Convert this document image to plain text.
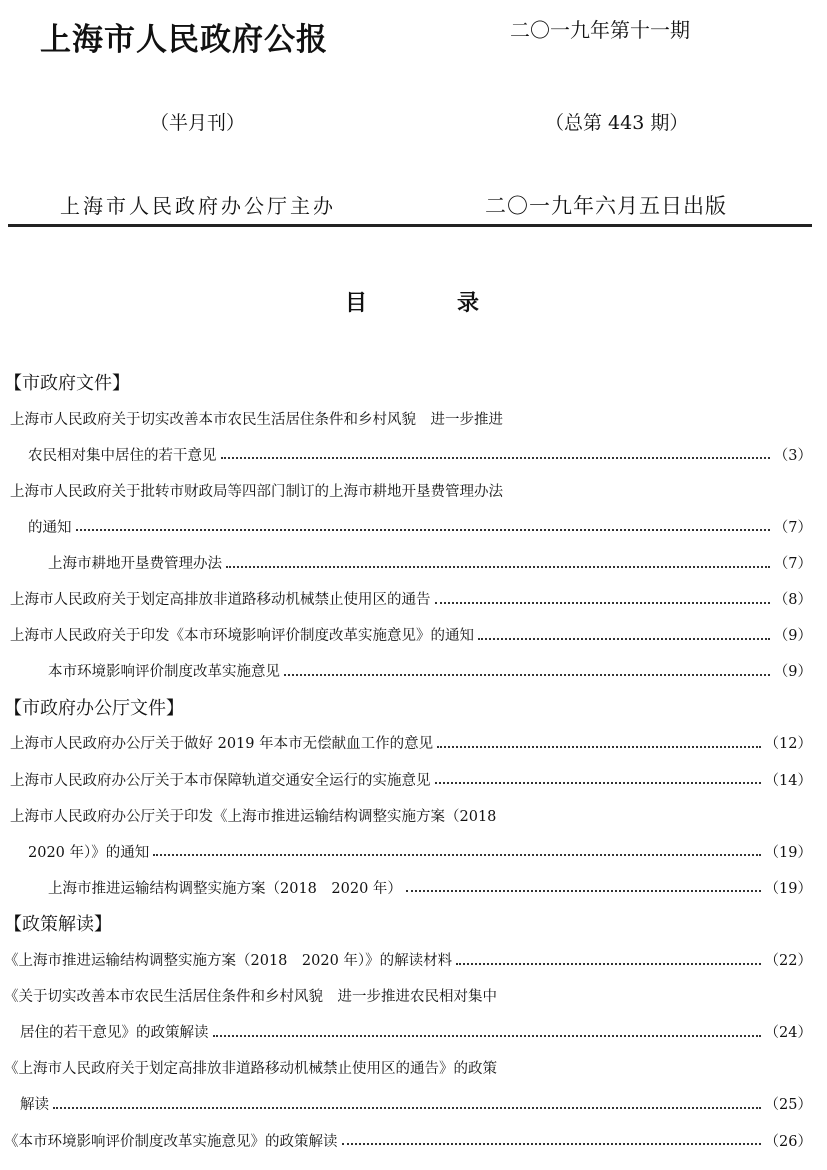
上海市人民政府公报	二〇一九年第十一期
（半月刊）	（总第 443 期）
上海市人民政府办公厅主办	二〇一九年六月五日出版
目录
【市政府文件】
上海市人民政府关于切实改善本市农民生活居住条件和乡村风貌　进一步推进
农民相对集中居住的若干意见	（3）
上海市人民政府关于批转市财政局等四部门制订的上海市耕地开垦费管理办法
的通知	（7）
上海市耕地开垦费管理办法	（7）
上海市人民政府关于划定高排放非道路移动机械禁止使用区的通告	（8）
上海市人民政府关于印发《本市环境影响评价制度改革实施意见》的通知	（9）
本市环境影响评价制度改革实施意见	（9）
【市政府办公厅文件】
上海市人民政府办公厅关于做好 2019 年本市无偿献血工作的意见	（12）
上海市人民政府办公厅关于本市保障轨道交通安全运行的实施意见	（14）
上海市人民政府办公厅关于印发《上海市推进运输结构调整实施方案（2018
2020 年）》的通知	（19）
上海市推进运输结构调整实施方案（2018　2020 年）	（19）
【政策解读】
《上海市推进运输结构调整实施方案（2018　2020 年）》的解读材料	（22）
《关于切实改善本市农民生活居住条件和乡村风貌　进一步推进农民相对集中
居住的若干意见》的政策解读	（24）
《上海市人民政府关于划定高排放非道路移动机械禁止使用区的通告》的政策
解读	（25）
《本市环境影响评价制度改革实施意见》的政策解读	（26）
